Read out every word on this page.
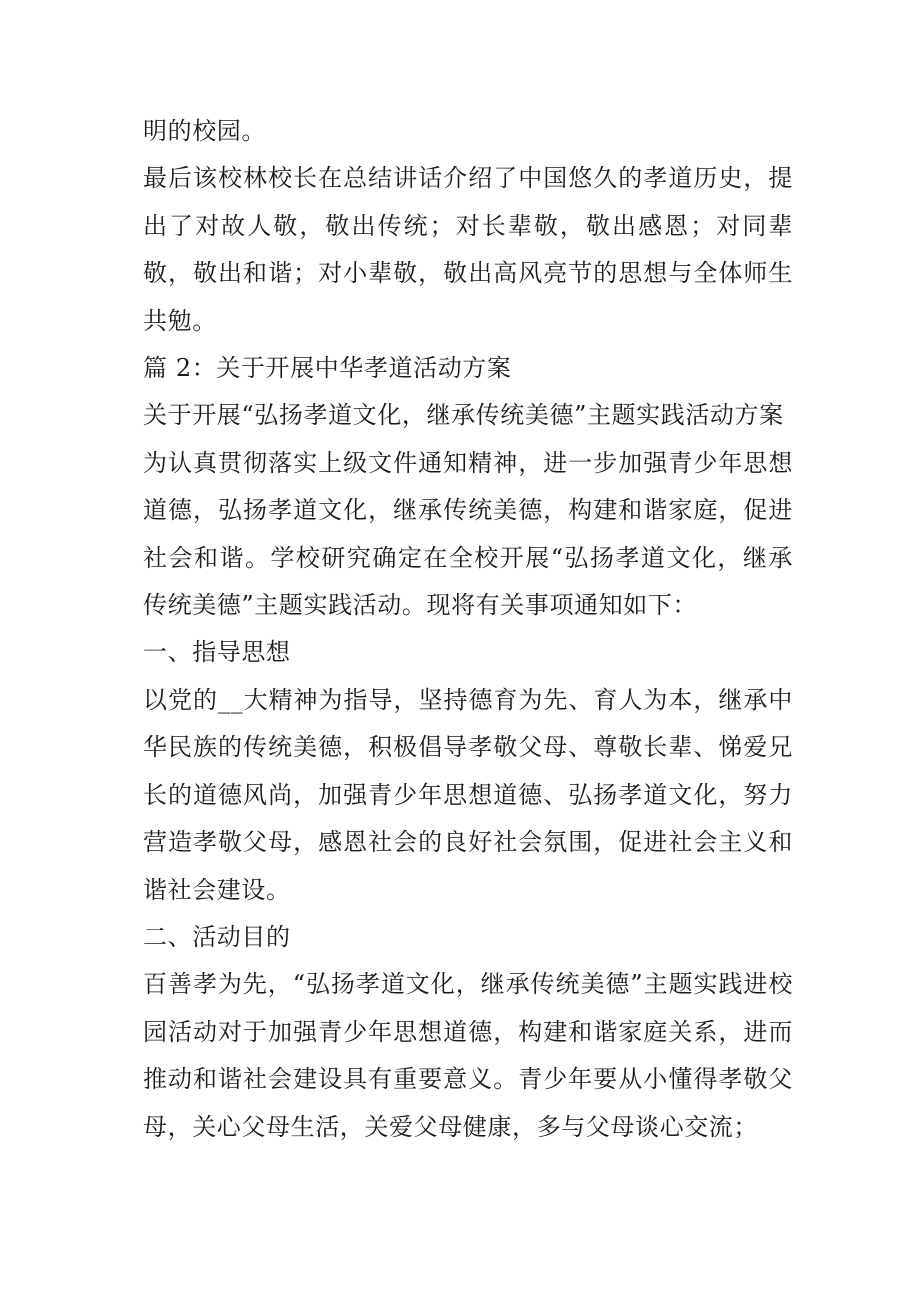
明的校园。

最后该校林校长在总结讲话介绍了中国悠久的孝道历史，提出了对故人敬，敬出传统；对长辈敬，敬出感恩；对同辈敬，敬出和谐；对小辈敬，敬出高风亮节的思想与全体师生共勉。

篇 2：关于开展中华孝道活动方案

关于开展“弘扬孝道文化，继承传统美德”主题实践活动方案

为认真贯彻落实上级文件通知精神，进一步加强青少年思想道德，弘扬孝道文化，继承传统美德，构建和谐家庭，促进社会和谐。学校研究确定在全校开展“弘扬孝道文化，继承传统美德”主题实践活动。现将有关事项通知如下：

一、指导思想

以党的__大精神为指导，坚持德育为先、育人为本，继承中华民族的传统美德，积极倡导孝敬父母、尊敬长辈、悌爱兄长的道德风尚，加强青少年思想道德、弘扬孝道文化，努力营造孝敬父母，感恩社会的良好社会氛围，促进社会主义和谐社会建设。

二、活动目的

百善孝为先，“弘扬孝道文化，继承传统美德”主题实践进校园活动对于加强青少年思想道德，构建和谐家庭关系，进而推动和谐社会建设具有重要意义。青少年要从小懂得孝敬父母，关心父母生活，关爱父母健康，多与父母谈心交流；
